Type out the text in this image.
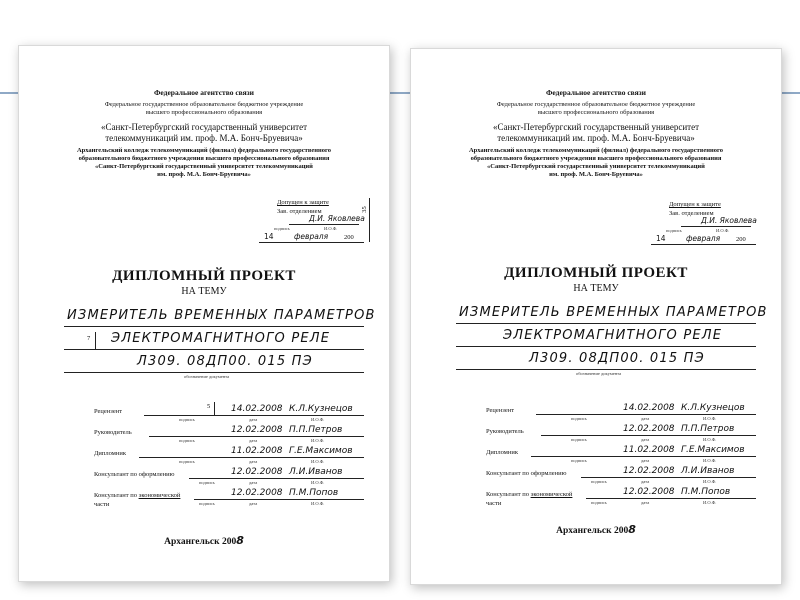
Федеральное агентство связи
Федеральное государственное образовательное бюджетное учреждение
высшего профессионального образования
«Санкт-Петербургский государственный университет
телекоммуникаций им. проф. М.А. Бонч-Бруевича»
Архангельский колледж телекоммуникаций (филиал) федерального государственного
образовательного бюджетного учреждения высшего профессионального образования
«Санкт-Петербургский государственный университет телекоммуникаций
им. проф. М.А. Бонч-Бруевича»
Допущен к защите
Зав. отделением
Д.И. Яковлева
подпись	И.О.Ф.
14	февраля 200
35
ДИПЛОМНЫЙ ПРОЕКТ
НА ТЕМУ
ИЗМЕРИТЕЛЬ ВРЕМЕННЫХ ПАРАМЕТРОВ
ЭЛЕКТРОМАГНИТНОГО РЕЛЕ
7
Л309. 08ДП00. 015 ПЭ
обозначение документа
Рецензент	14.02.2008 К.Л.Кузнецов
подпись	дата	И.О.Ф.
5
Руководитель	12.02.2008 П.П.Петров
подпись	дата	И.О.Ф.
Дипломник	11.02.2008 Г.Е.Максимов
подпись	дата	И.О.Ф.
Консультант по оформлению	12.02.2008 Л.И.Иванов
подпись	дата	И.О.Ф.
Консультант по экономической
части
12.02.2008 П.М.Попов
подпись	дата	И.О.Ф.
Архангельск 2008
Федеральное агентство связи
Федеральное государственное образовательное бюджетное учреждение
высшего профессионального образования
«Санкт-Петербургский государственный университет
телекоммуникаций им. проф. М.А. Бонч-Бруевича»
Архангельский колледж телекоммуникаций (филиал) федерального государственного
образовательного бюджетного учреждения высшего профессионального образования
«Санкт-Петербургский государственный университет телекоммуникаций
им. проф. М.А. Бонч-Бруевича»
Допущен к защите
Зав. отделением
Д.И. Яковлева
подпись	И.О.Ф.
14	февраля 200
ДИПЛОМНЫЙ ПРОЕКТ
НА ТЕМУ
ИЗМЕРИТЕЛЬ ВРЕМЕННЫХ ПАРАМЕТРОВ
ЭЛЕКТРОМАГНИТНОГО РЕЛЕ
Л309. 08ДП00. 015 ПЭ
обозначение документа
Рецензент	14.02.2008 К.Л.Кузнецов
подпись	дата	И.О.Ф.
Руководитель	12.02.2008 П.П.Петров
подпись	дата	И.О.Ф.
Дипломник	11.02.2008 Г.Е.Максимов
подпись	дата	И.О.Ф.
Консультант по оформлению	12.02.2008 Л.И.Иванов
подпись	дата	И.О.Ф.
Консультант по экономической
части
12.02.2008 П.М.Попов
подпись	дата	И.О.Ф.
Архангельск 2008
